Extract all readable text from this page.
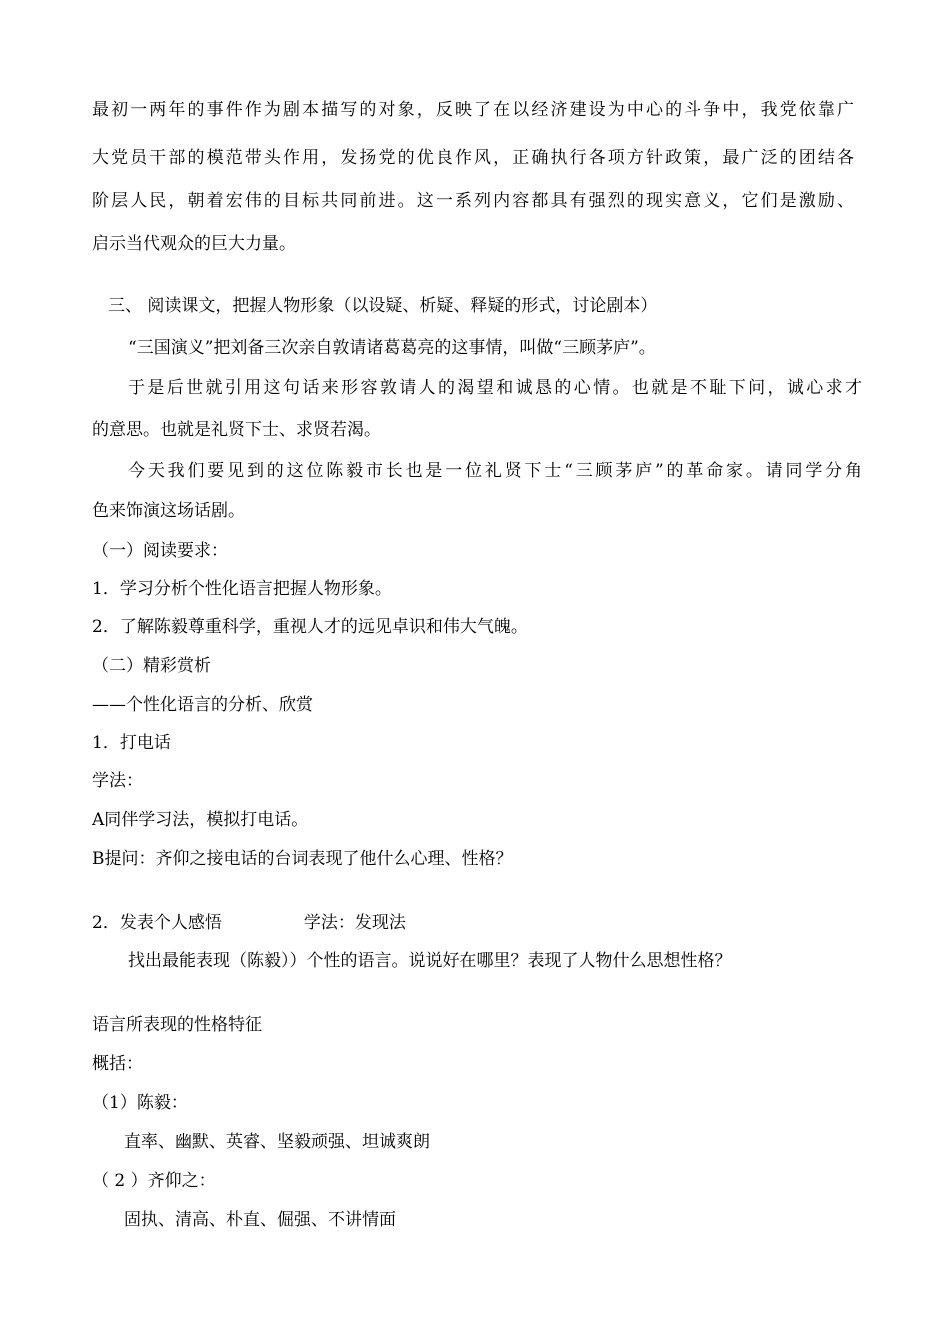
最初一两年的事件作为剧本描写的对象，反映了在以经济建设为中心的斗争中，我党依靠广
大党员干部的模范带头作用，发扬党的优良作风，正确执行各项方针政策，最广泛的团结各
阶层人民，朝着宏伟的目标共同前进。这一系列内容都具有强烈的现实意义，它们是激励、
启示当代观众的巨大力量。
三、 阅读课文，把握人物形象（以设疑、析疑、释疑的形式，讨论剧本）
“三国演义”把刘备三次亲自敦请诸葛葛亮的这事情，叫做“三顾茅庐”。
于是后世就引用这句话来形容敦请人的渴望和诚恳的心情。也就是不耻下问，诚心求才
的意思。也就是礼贤下士、求贤若渴。
今天我们要见到的这位陈毅市长也是一位礼贤下士“三顾茅庐”的革命家。请同学分角
色来饰演这场话剧。
（一）阅读要求：
1．学习分析个性化语言把握人物形象。
2．了解陈毅尊重科学，重视人才的远见卓识和伟大气魄。
（二）精彩赏析
——个性化语言的分析、欣赏
1．打电话
学法：
A同伴学习法，模拟打电话。
B提问：齐仰之接电话的台词表现了他什么心理、性格？
2．发表个人感悟	学法：发现法
找出最能表现（陈毅））个性的语言。说说好在哪里？表现了人物什么思想性格？
语言所表现的性格特征
概括：
（1）陈毅：
直率、幽默、英睿、坚毅顽强、坦诚爽朗
（ 2 ）齐仰之：
固执、清高、朴直、倔强、不讲情面
